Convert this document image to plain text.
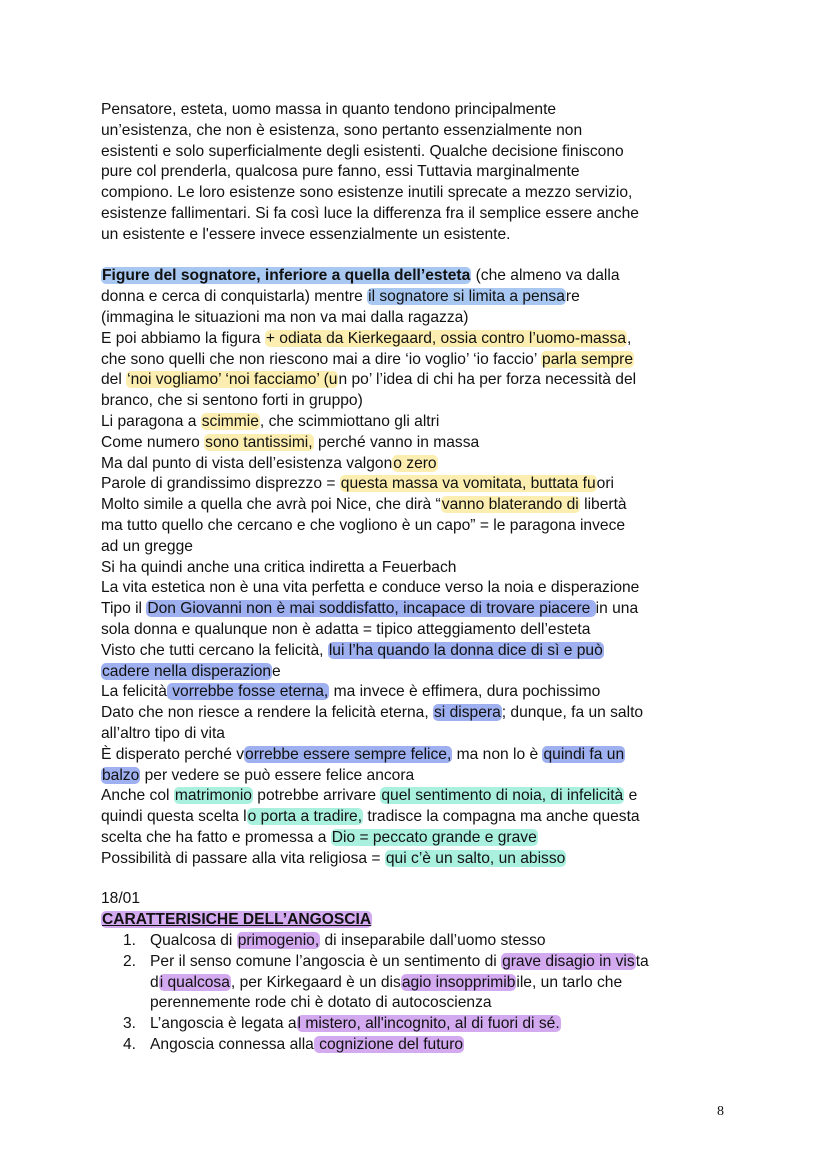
Pensatore, esteta, uomo massa in quanto tendono principalmente
un’esistenza, che non è esistenza, sono pertanto essenzialmente non
esistenti e solo superficialmente degli esistenti. Qualche decisione finiscono
pure col prenderla, qualcosa pure fanno, essi Tuttavia marginalmente
compiono. Le loro esistenze sono esistenze inutili sprecate a mezzo servizio,
esistenze fallimentari. Si fa così luce la differenza fra il semplice essere anche
un esistente e l'essere invece essenzialmente un esistente.
Figure del sognatore, inferiore a quella dell’esteta (che almeno va dalla
donna e cerca di conquistarla) mentre il sognatore si limita a pensare
(immagina le situazioni ma non va mai dalla ragazza)
E poi abbiamo la figura + odiata da Kierkegaard, ossia contro l’uomo-massa,
che sono quelli che non riescono mai a dire ‘io voglio’ ‘io faccio’ parla sempre
del ‘noi vogliamo’ ‘noi facciamo’ (un po’ l’idea di chi ha per forza necessità del
branco, che si sentono forti in gruppo)
Li paragona a scimmie, che scimmiottano gli altri
Come numero sono tantissimi, perché vanno in massa
Ma dal punto di vista dell’esistenza valgono zero
Parole di grandissimo disprezzo = questa massa va vomitata, buttata fuori
Molto simile a quella che avrà poi Nice, che dirà “vanno blaterando di libertà
ma tutto quello che cercano e che vogliono è un capo” = le paragona invece
ad un gregge
Si ha quindi anche una critica indiretta a Feuerbach
La vita estetica non è una vita perfetta e conduce verso la noia e disperazione
Tipo il Don Giovanni non è mai soddisfatto, incapace di trovare piacere in una
sola donna e qualunque non è adatta = tipico atteggiamento dell’esteta
Visto che tutti cercano la felicità, lui l’ha quando la donna dice di sì e può
cadere nella disperazione
La felicità vorrebbe fosse eterna, ma invece è effimera, dura pochissimo
Dato che non riesce a rendere la felicità eterna, si dispera; dunque, fa un salto
all’altro tipo di vita
È disperato perché vorrebbe essere sempre felice, ma non lo è quindi fa un
balzo per vedere se può essere felice ancora
Anche col matrimonio potrebbe arrivare quel sentimento di noia, di infelicità e
quindi questa scelta lo porta a tradire, tradisce la compagna ma anche questa
scelta che ha fatto e promessa a Dio = peccato grande e grave
Possibilità di passare alla vita religiosa = qui c’è un salto, un abisso
18/01
CARATTERISICHE DELL’ANGOSCIA
1. Qualcosa di primogenio, di inseparabile dall’uomo stesso
2. Per il senso comune l’angoscia è un sentimento di grave disagio in vista
di qualcosa, per Kirkegaard è un disagio insopprimibile, un tarlo che
perennemente rode chi è dotato di autocoscienza
3. L’angoscia è legata al mistero, all'incognito, al di fuori di sé.
4. Angoscia connessa alla cognizione del futuro
8
